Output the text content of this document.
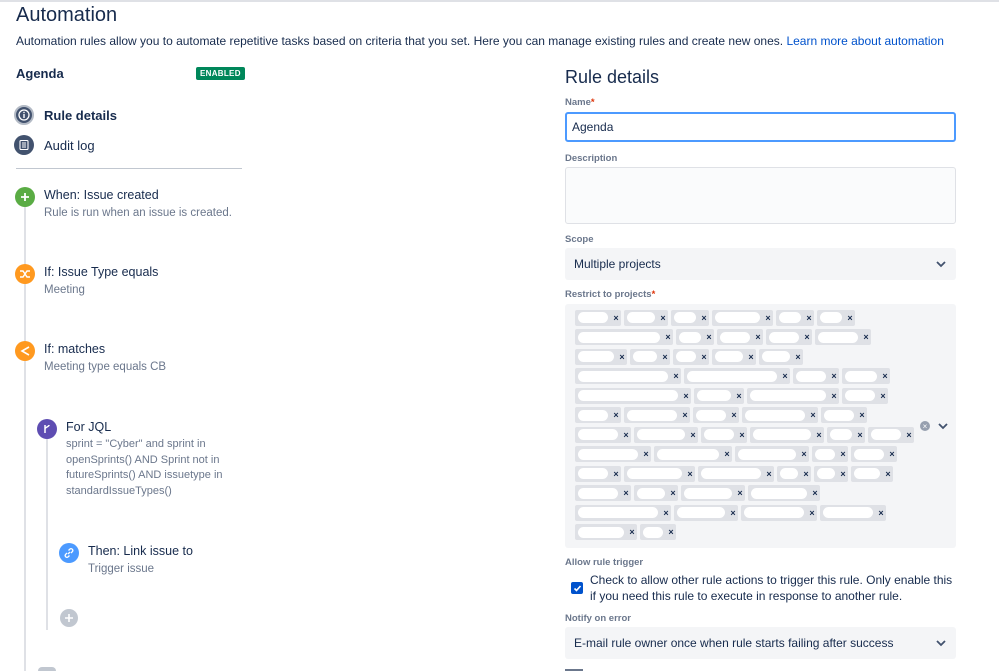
Automation
Automation rules allow you to automate repetitive tasks based on criteria that you set. Here you can manage existing rules and create new ones. Learn more about automation
Agenda	ENABLED
Rule details
Audit log
When: Issue created
Rule is run when an issue is created.
If: Issue Type equals
Meeting
If: matches
Meeting type equals CB
For JQL
sprint = "Cyber" and sprint in openSprints() AND Sprint not in futureSprints() AND issuetype in standardIssueTypes()
Then: Link issue to
Trigger issue
Rule details
Name*
Agenda
Description
Scope
Multiple projects
Restrict to projects*
×	×	×	×	×	×
×	×	×	×	×
×	×	×	×	×
×	×	×	×
×	×	×	×
×	×	×	×	×
×	×	×	×	×	×
×	×	×	×	×
×	×	×	×	×	×
×	×	×	×
×	×	×	×
×	×
×
Allow rule trigger
Check to allow other rule actions to trigger this rule. Only enable this if you need this rule to execute in response to another rule.
Notify on error
E-mail rule owner once when rule starts failing after success
